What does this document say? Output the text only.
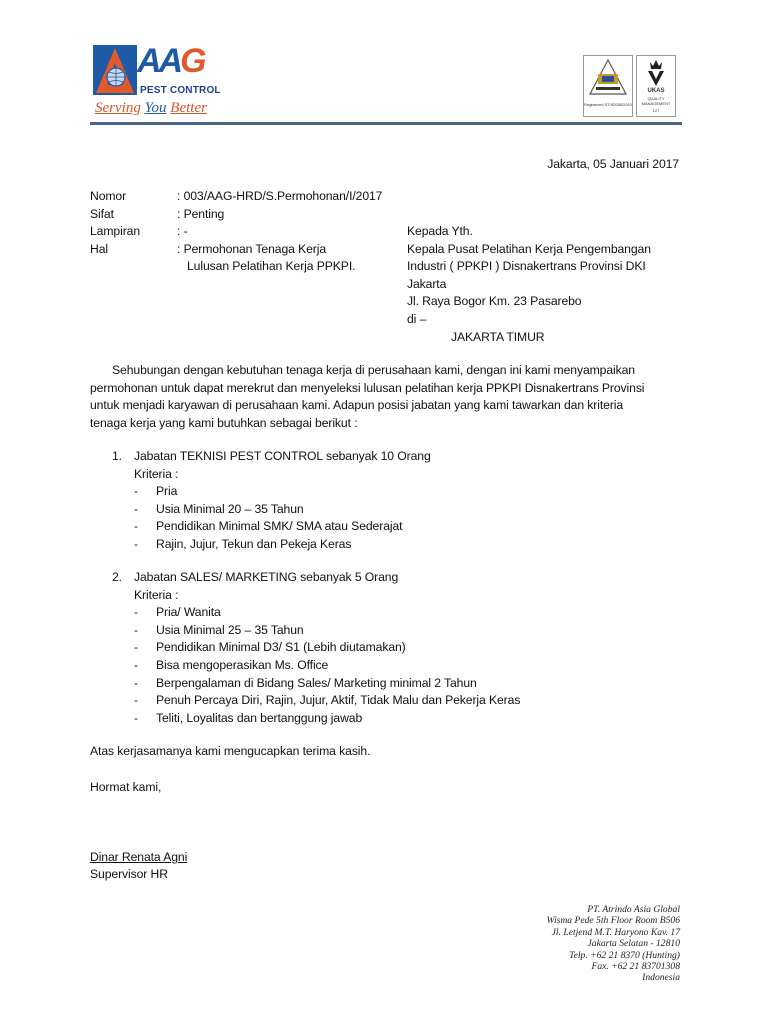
AAG
PEST CONTROL
Serving You Better	Registered ST/92055/2010
UKAS
QUALITY MANAGEMENT
127
Jakarta, 05 Januari 2017
Nomor	: 003/AAG-HRD/S.Permohonan/I/2017
Sifat	: Penting
Lampiran	: -
Hal	: Permohonan Tenaga Kerja
Lulusan Pelatihan Kerja PPKPI.
Kepada Yth.
Kepala Pusat Pelatihan Kerja Pengembangan
Industri ( PPKPI ) Disnakertrans Provinsi DKI
Jakarta
Jl. Raya Bogor Km. 23 Pasarebo
di –
JAKARTA TIMUR
Sehubungan dengan kebutuhan tenaga kerja di perusahaan kami, dengan ini kami menyampaikan
permohonan untuk dapat merekrut dan menyeleksi lulusan pelatihan kerja PPKPI Disnakertrans Provinsi
untuk menjadi karyawan di perusahaan kami. Adapun posisi jabatan yang kami tawarkan dan kriteria
tenaga kerja yang kami butuhkan sebagai berikut :
1. Jabatan TEKNISI PEST CONTROL sebanyak 10 Orang
Kriteria :
- Pria
- Usia Minimal 20 – 35 Tahun
- Pendidikan Minimal SMK/ SMA atau Sederajat
- Rajin, Jujur, Tekun dan Pekeja Keras
2. Jabatan SALES/ MARKETING sebanyak 5 Orang
Kriteria :
- Pria/ Wanita
- Usia Minimal 25 – 35 Tahun
- Pendidikan Minimal D3/ S1 (Lebih diutamakan)
- Bisa mengoperasikan Ms. Office
- Berpengalaman di Bidang Sales/ Marketing minimal 2 Tahun
- Penuh Percaya Diri, Rajin, Jujur, Aktif, Tidak Malu dan Pekerja Keras
- Teliti, Loyalitas dan bertanggung jawab
Atas kerjasamanya kami mengucapkan terima kasih.
Hormat kami,
Dinar Renata Agni
Supervisor HR
PT. Atrindo Asia Global
Wisma Pede 5th Floor Room B506
Jl. Letjend M.T. Haryono Kav. 17
Jakarta Selatan - 12810
Telp. +62 21 8370 (Hunting)
Fax. +62 21 83701308
Indonesia
